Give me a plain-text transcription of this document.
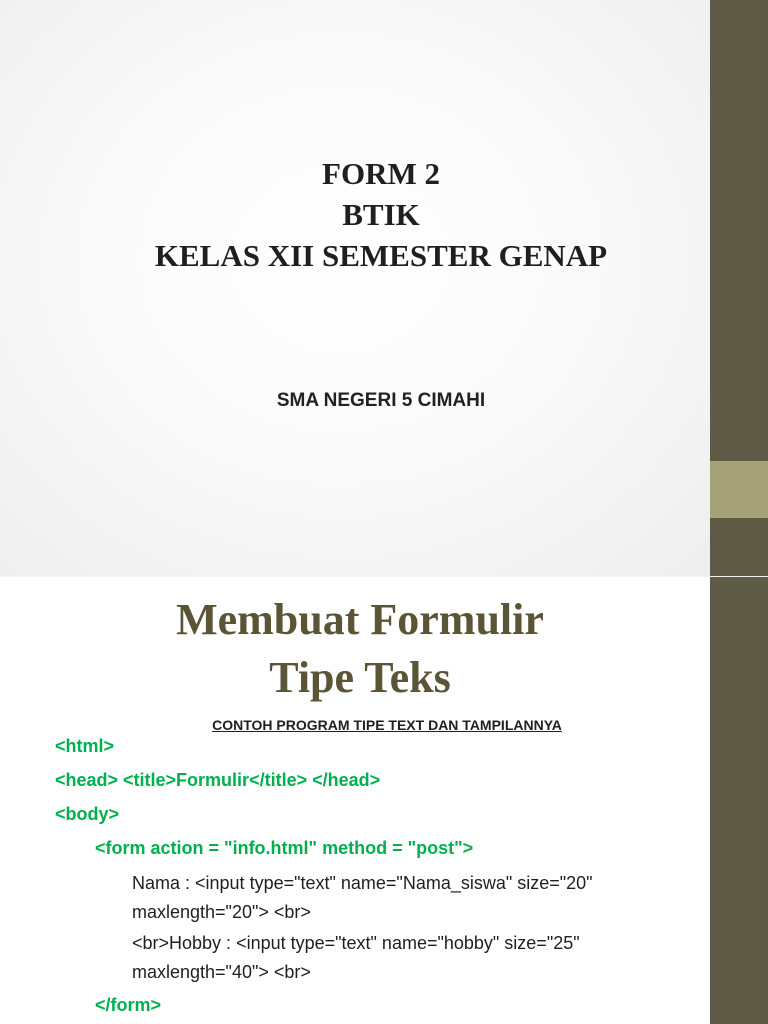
FORM 2
BTIK
KELAS XII SEMESTER GENAP
SMA NEGERI 5 CIMAHI
Membuat Formulir
Tipe Teks
CONTOH PROGRAM TIPE TEXT DAN TAMPILANNYA
<html>
<head> <title>Formulir</title> </head>
<body>
<form action = "info.html" method = "post">
Nama : <input type="text" name="Nama_siswa" size="20" maxlength="20"> <br>
<br>Hobby : <input type="text" name="hobby" size="25" maxlength="40"> <br>
</form>
